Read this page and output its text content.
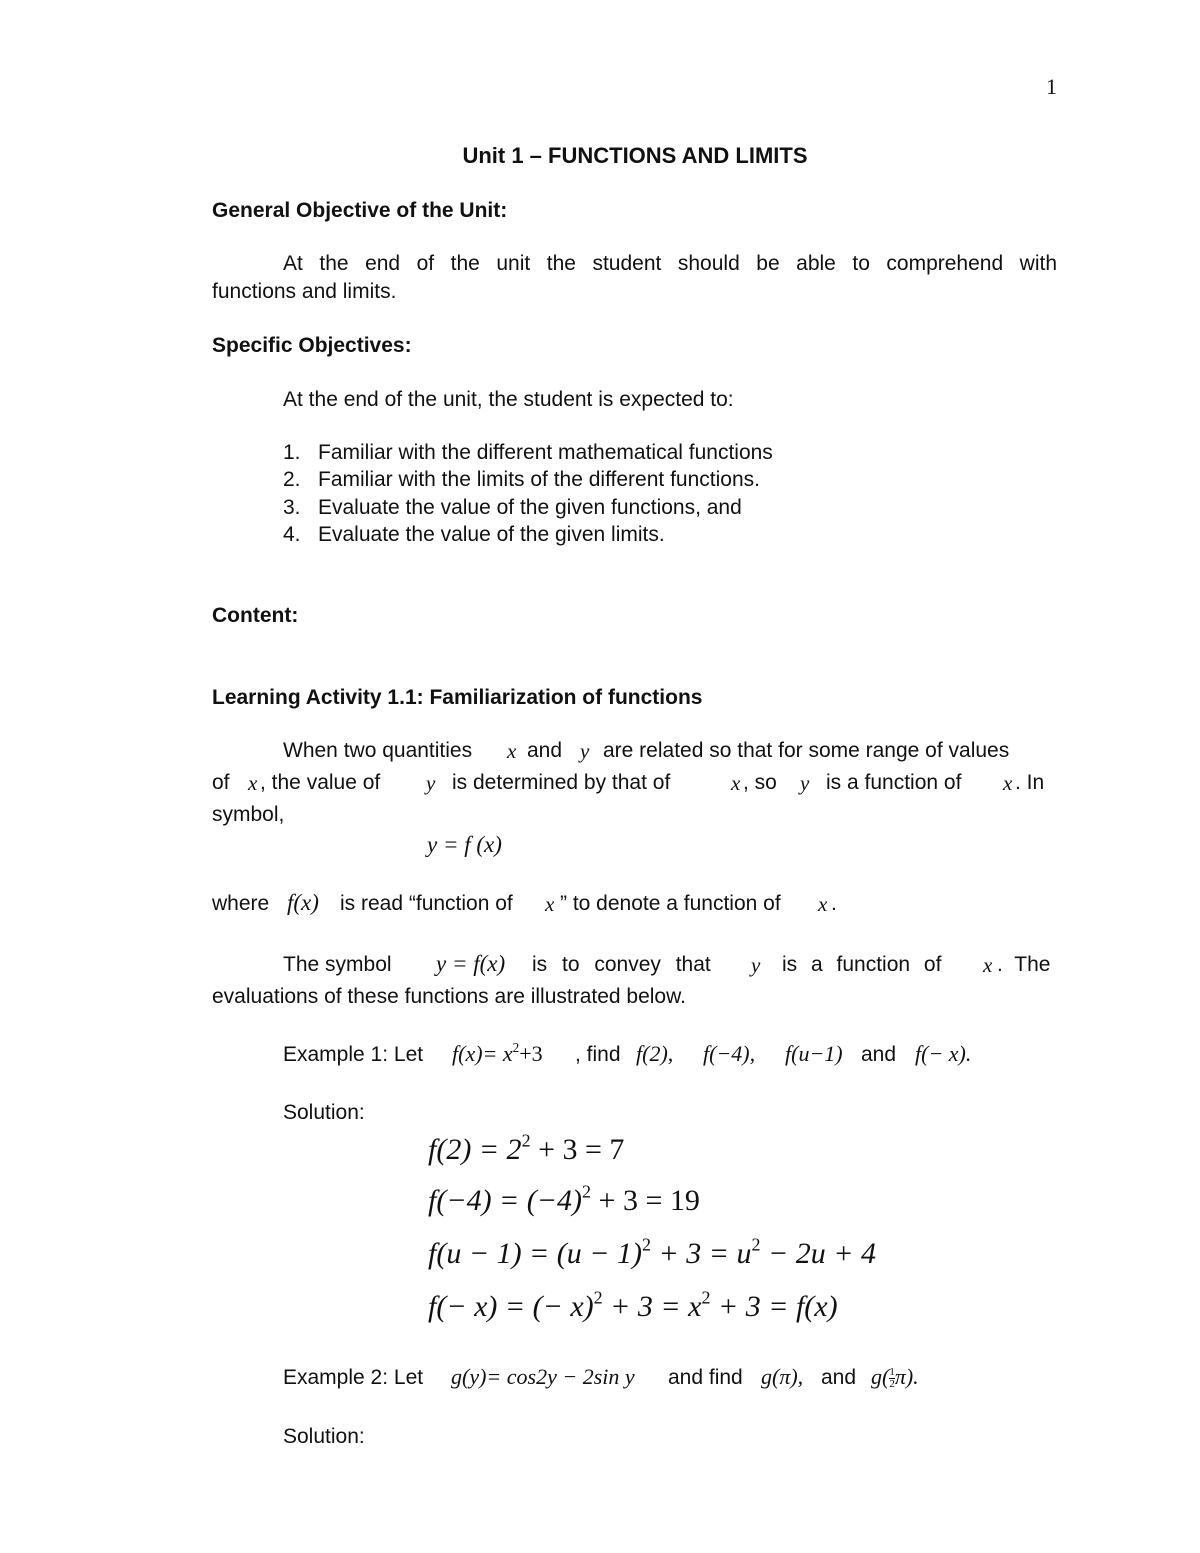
1
Unit 1 – FUNCTIONS AND LIMITS
General Objective of the Unit:
At the end of the unit the student should be able to comprehend with
functions and limits.
Specific Objectives:
At the end of the unit, the student is expected to:
1. Familiar with the different mathematical functions
2. Familiar with the limits of the different functions.
3. Evaluate the value of the given functions, and
4. Evaluate the value of the given limits.
Content:
Learning Activity 1.1: Familiarization of functions
When two quantities x and y are related so that for some range of values
of x , the value of y is determined by that of	x , so y is a function of x . In
symbol,
y = f (x)
where f(x) is read “function of x ” to denote a function of x .
The symbol y = f(x) is to convey that y is a function of x . The
evaluations of these functions are illustrated below.
Example 1: Let $f(x)= x^2+3$ , find f(2), f(−4), f(u−1) and f(− x).
Solution:
$f(2) = 2^2 + 3 = 7$
$f(-4) = (-4)^2 + 3 = 19$
$f(u - 1) = (u - 1)^2 + 3 = u^2 - 2u + 4$
f(− x) = (− $x)^2 + 3 = x^2 + 3 = f(x)$
Example 2: Let g(y)= cos2y − 2sin y and find g(π), and $g( \frac{1}{2} \pi)$.
Solution:
